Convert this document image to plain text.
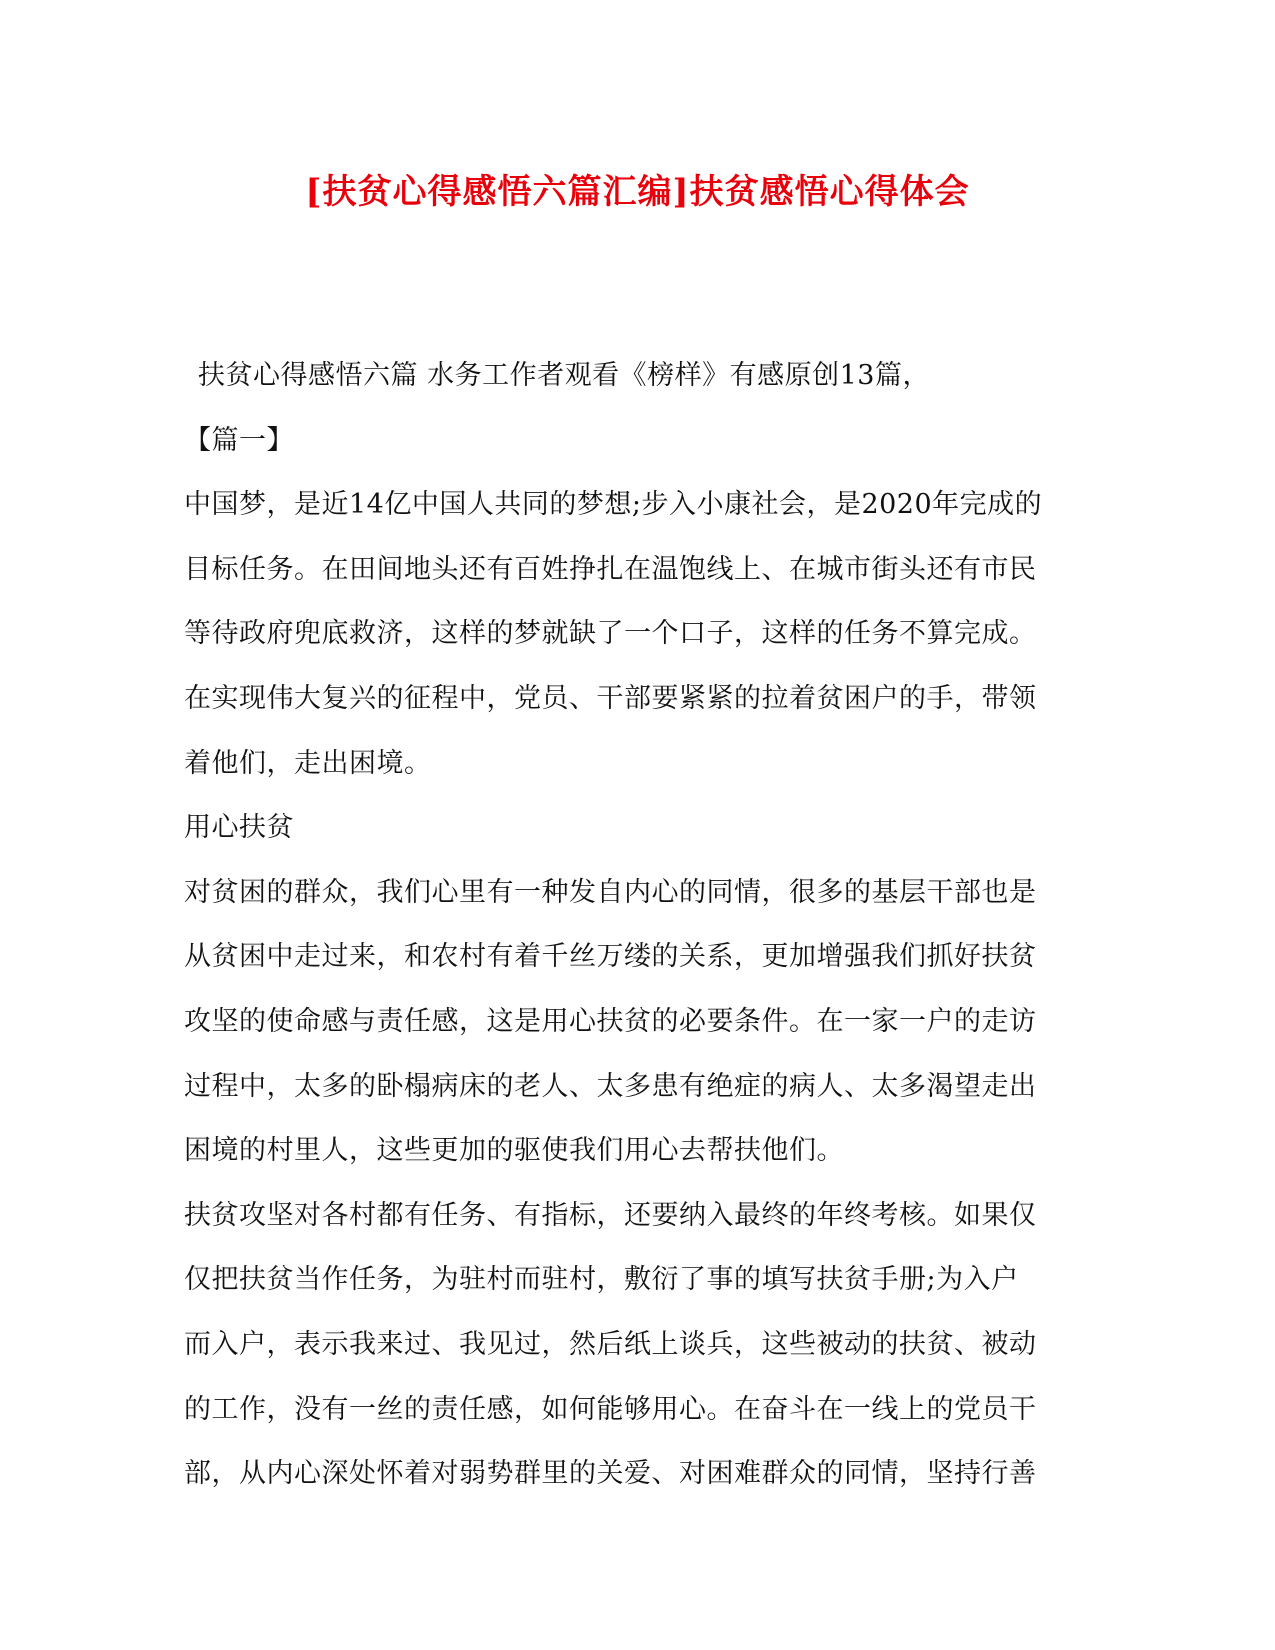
[扶贫心得感悟六篇汇编]扶贫感悟心得体会
扶贫心得感悟六篇 水务工作者观看《榜样》有感原创13篇，
【篇一】
中国梦，是近14亿中国人共同的梦想;步入小康社会，是2020年完成的
目标任务。在田间地头还有百姓挣扎在温饱线上、在城市街头还有市民
等待政府兜底救济，这样的梦就缺了一个口子，这样的任务不算完成。
在实现伟大复兴的征程中，党员、干部要紧紧的拉着贫困户的手，带领
着他们，走出困境。
用心扶贫
对贫困的群众，我们心里有一种发自内心的同情，很多的基层干部也是
从贫困中走过来，和农村有着千丝万缕的关系，更加增强我们抓好扶贫
攻坚的使命感与责任感，这是用心扶贫的必要条件。在一家一户的走访
过程中，太多的卧榻病床的老人、太多患有绝症的病人、太多渴望走出
困境的村里人，这些更加的驱使我们用心去帮扶他们。
扶贫攻坚对各村都有任务、有指标，还要纳入最终的年终考核。如果仅
仅把扶贫当作任务，为驻村而驻村，敷衍了事的填写扶贫手册;为入户
而入户，表示我来过、我见过，然后纸上谈兵，这些被动的扶贫、被动
的工作，没有一丝的责任感，如何能够用心。在奋斗在一线上的党员干
部，从内心深处怀着对弱势群里的关爱、对困难群众的同情，坚持行善
